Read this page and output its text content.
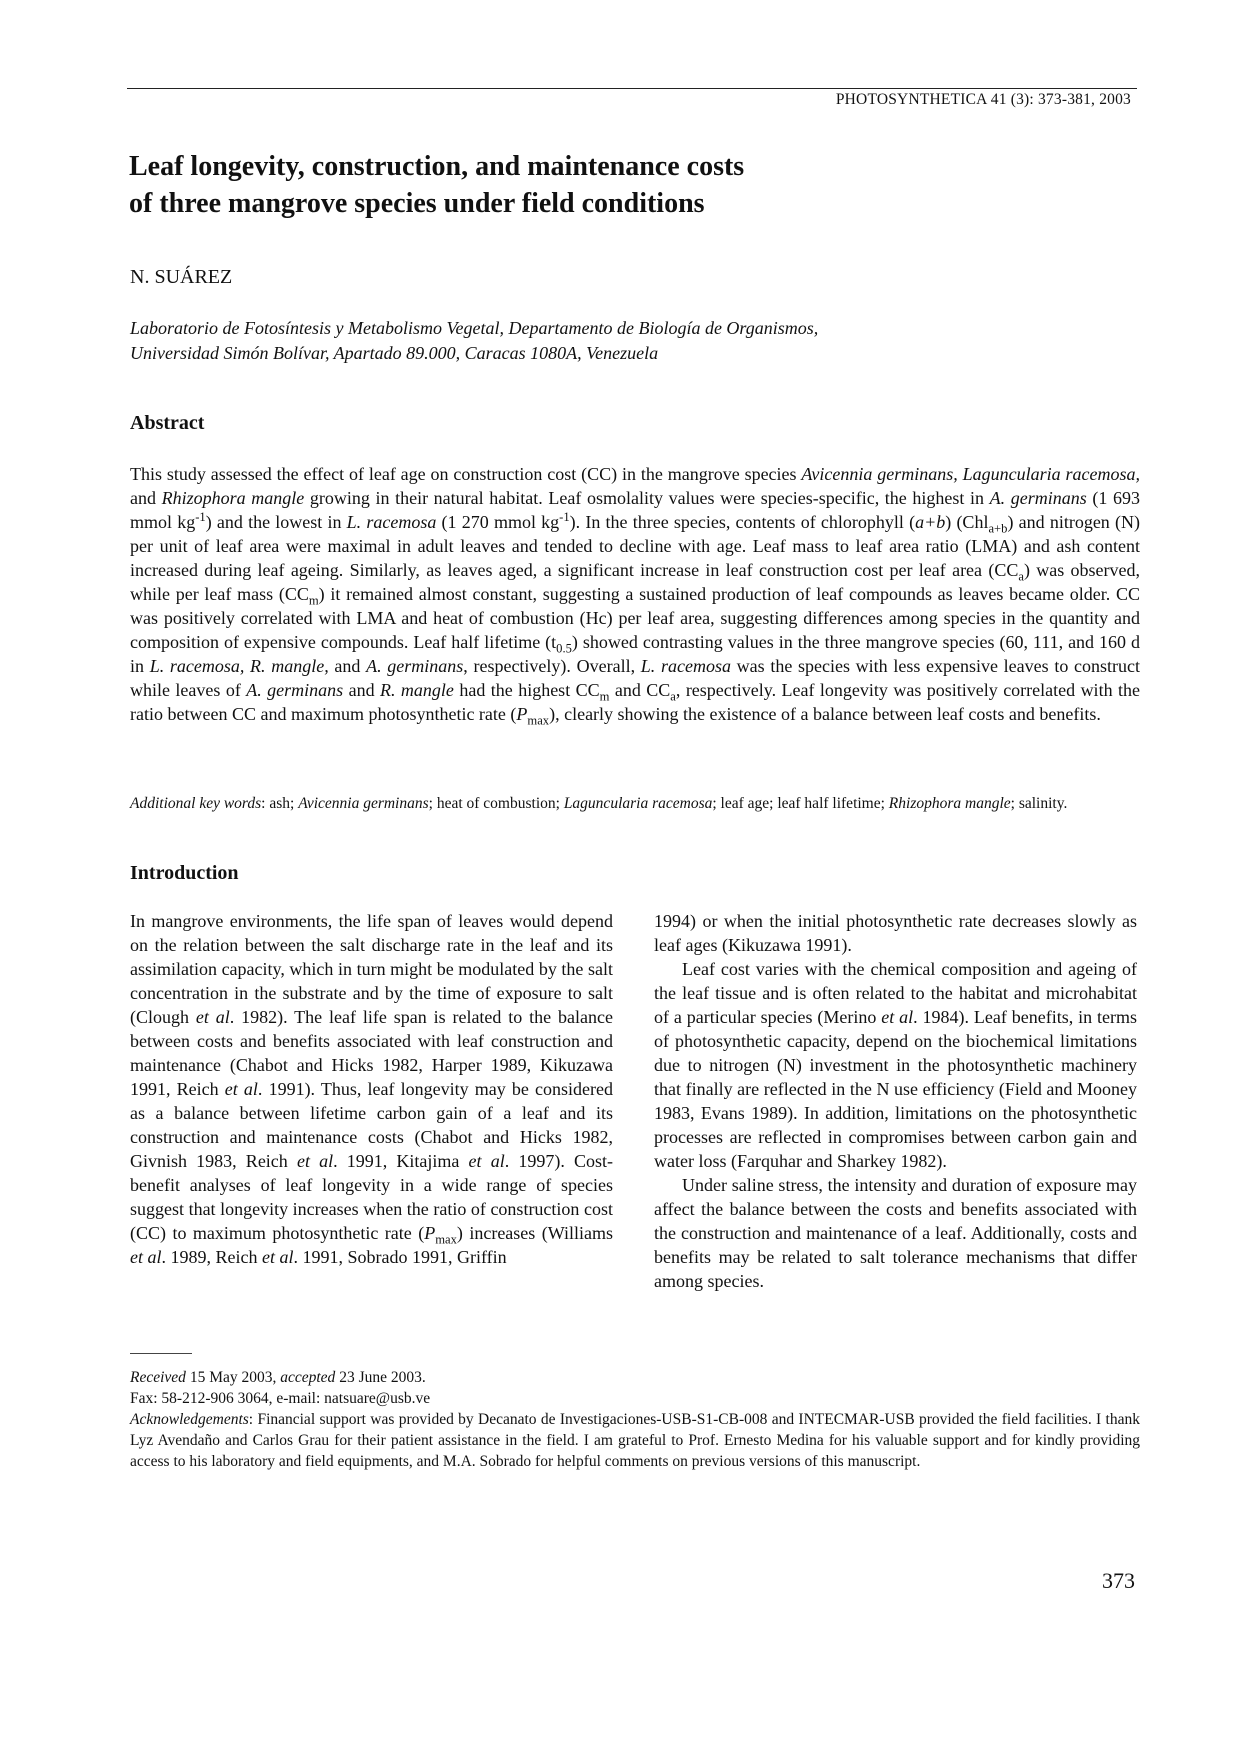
PHOTOSYNTHETICA 41 (3): 373-381, 2003
Leaf longevity, construction, and maintenance costs
of three mangrove species under field conditions
N. SUÁREZ
Laboratorio de Fotosíntesis y Metabolismo Vegetal, Departamento de Biología de Organismos,
Universidad Simón Bolívar, Apartado 89.000, Caracas 1080A, Venezuela
Abstract

This study assessed the effect of leaf age on construction cost (CC) in the mangrove species Avicennia germinans, Laguncularia racemosa, and Rhizophora mangle growing in their natural habitat. Leaf osmolality values were species-specific, the highest in A. germinans (1 693 mmol $kg^{-1}$) and the lowest in L. racemosa (1 270 mmol $kg^{-1}$). In the three species, contents of chlorophyll (a+b) (Chl$_{a+b}$) and nitrogen (N) per unit of leaf area were maximal in adult leaves and tended to decline with age. Leaf mass to leaf area ratio (LMA) and ash content increased during leaf ageing. Similarly, as leaves aged, a significant increase in leaf construction cost per leaf area $(CC_a)$ was observed, while per leaf mass $(CC_m)$ it remained almost constant, suggesting a sustained production of leaf compounds as leaves became older. CC was positively correlated with LMA and heat of combustion (Hc) per leaf area, suggesting differences among species in the quantity and composition of expensive compounds. Leaf half lifetime $(t_{0.5})$ showed contrasting values in the three mangrove species (60, 111, and 160 d in L. racemosa, R. mangle, and A. germinans, respectively). Overall, L. racemosa was the species with less expensive leaves to construct while leaves of A. germinans and R. mangle had the highest $CC_m$ and $CC_a$, respectively. Leaf longevity was positively correlated with the ratio between CC and maximum photosynthetic rate $(P_{max})$, clearly showing the existence of a balance between leaf costs and benefits.

Additional key words: ash; Avicennia germinans; heat of combustion; Laguncularia racemosa; leaf age; leaf half lifetime; Rhizophora mangle; salinity.

Introduction

In mangrove environments, the life span of leaves would depend on the relation between the salt discharge rate in the leaf and its assimilation capacity, which in turn might be modulated by the salt concentration in the substrate and by the time of exposure to salt (Clough et al. 1982). The leaf life span is related to the balance between costs and benefits associated with leaf construction and maintenance (Chabot and Hicks 1982, Harper 1989, Kikuzawa 1991, Reich et al. 1991). Thus, leaf longevity may be considered as a balance between lifetime carbon gain of a leaf and its construction and maintenance costs (Chabot and Hicks 1982, Givnish 1983, Reich et al. 1991, Kitajima et al. 1997). Cost-benefit analyses of leaf longevity in a wide range of species suggest that longevity increases when the ratio of construction cost (CC) to maximum photosynthetic rate $(P_{max})$ increases (Williams et al. 1989, Reich et al. 1991, Sobrado 1991, Griffin

1994) or when the initial photosynthetic rate decreases slowly as leaf ages (Kikuzawa 1991).

Leaf cost varies with the chemical composition and ageing of the leaf tissue and is often related to the habitat and microhabitat of a particular species (Merino et al. 1984). Leaf benefits, in terms of photosynthetic capacity, depend on the biochemical limitations due to nitrogen (N) investment in the photosynthetic machinery that finally are reflected in the N use efficiency (Field and Mooney 1983, Evans 1989). In addition, limitations on the photosynthetic processes are reflected in compromises between carbon gain and water loss (Farquhar and Sharkey 1982).

Under saline stress, the intensity and duration of exposure may affect the balance between the costs and benefits associated with the construction and maintenance of a leaf. Additionally, costs and benefits may be related to salt tolerance mechanisms that differ among species.

Received 15 May 2003, accepted 23 June 2003.

Fax: 58-212-906 3064, e-mail: natsuare@usb.ve

Acknowledgements: Financial support was provided by Decanato de Investigaciones-USB-S1-CB-008 and INTECMAR-USB provided the field facilities. I thank Lyz Avendaño and Carlos Grau for their patient assistance in the field. I am grateful to Prof. Ernesto Medina for his valuable support and for kindly providing access to his laboratory and field equipments, and M.A. Sobrado for helpful comments on previous versions of this manuscript.

373
